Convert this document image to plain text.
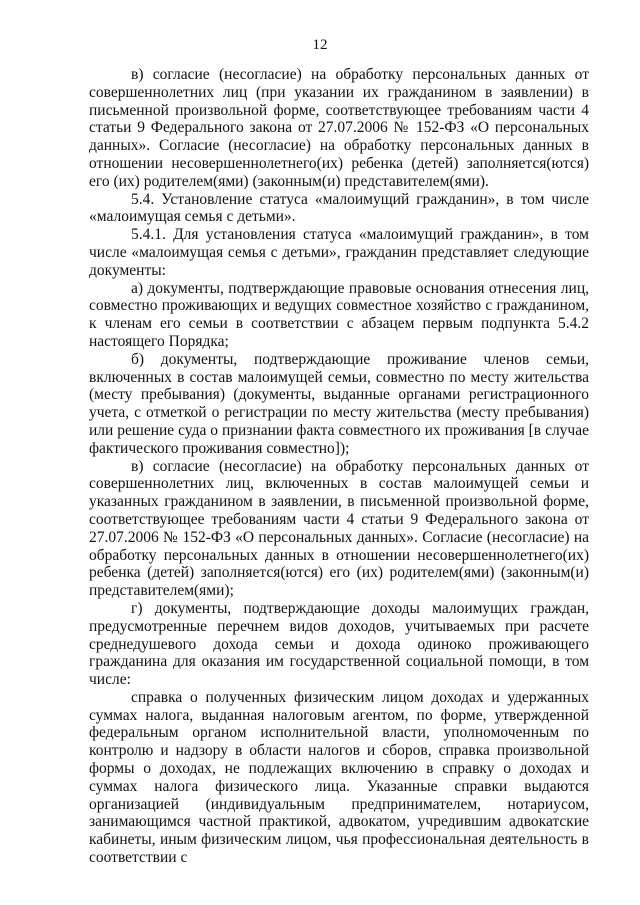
12

в) согласие (несогласие) на обработку персональных данных от совершеннолетних лиц (при указании их гражданином в заявлении) в письменной произвольной форме, соответствующее требованиям части 4 статьи 9 Федерального закона от 27.07.2006 № 152-ФЗ «О персональных данных». Согласие (несогласие) на обработку персональных данных в отношении несовершеннолетнего(их) ребенка (детей) заполняется(ются) его (их) родителем(ями) (законным(и) представителем(ями).

5.4. Установление статуса «малоимущий гражданин», в том числе «малоимущая семья с детьми».

5.4.1. Для установления статуса «малоимущий гражданин», в том числе «малоимущая семья с детьми», гражданин представляет следующие документы:

а) документы, подтверждающие правовые основания отнесения лиц, совместно проживающих и ведущих совместное хозяйство с гражданином, к членам его семьи в соответствии с абзацем первым подпункта 5.4.2 настоящего Порядка;

б) документы, подтверждающие проживание членов семьи, включенных в состав малоимущей семьи, совместно по месту жительства (месту пребывания) (документы, выданные органами регистрационного учета, с отметкой о регистрации по месту жительства (месту пребывания) или решение суда о признании факта совместного их проживания [в случае фактического проживания совместно]);

в) согласие (несогласие) на обработку персональных данных от совершеннолетних лиц, включенных в состав малоимущей семьи и указанных гражданином в заявлении, в письменной произвольной форме, соответствующее требованиям части 4 статьи 9 Федерального закона от 27.07.2006 № 152-ФЗ «О персональных данных». Согласие (несогласие) на обработку персональных данных в отношении несовершеннолетнего(их) ребенка (детей) заполняется(ются) его (их) родителем(ями) (законным(и) представителем(ями);

г) документы, подтверждающие доходы малоимущих граждан, предусмотренные перечнем видов доходов, учитываемых при расчете среднедушевого дохода семьи и дохода одиноко проживающего гражданина для оказания им государственной социальной помощи, в том числе:

справка о полученных физическим лицом доходах и удержанных суммах налога, выданная налоговым агентом, по форме, утвержденной федеральным органом исполнительной власти, уполномоченным по контролю и надзору в области налогов и сборов, справка произвольной формы о доходах, не подлежащих включению в справку о доходах и суммах налога физического лица. Указанные справки выдаются организацией (индивидуальным предпринимателем, нотариусом, занимающимся частной практикой, адвокатом, учредившим адвокатские кабинеты, иным физическим лицом, чья профессиональная деятельность в соответствии с
